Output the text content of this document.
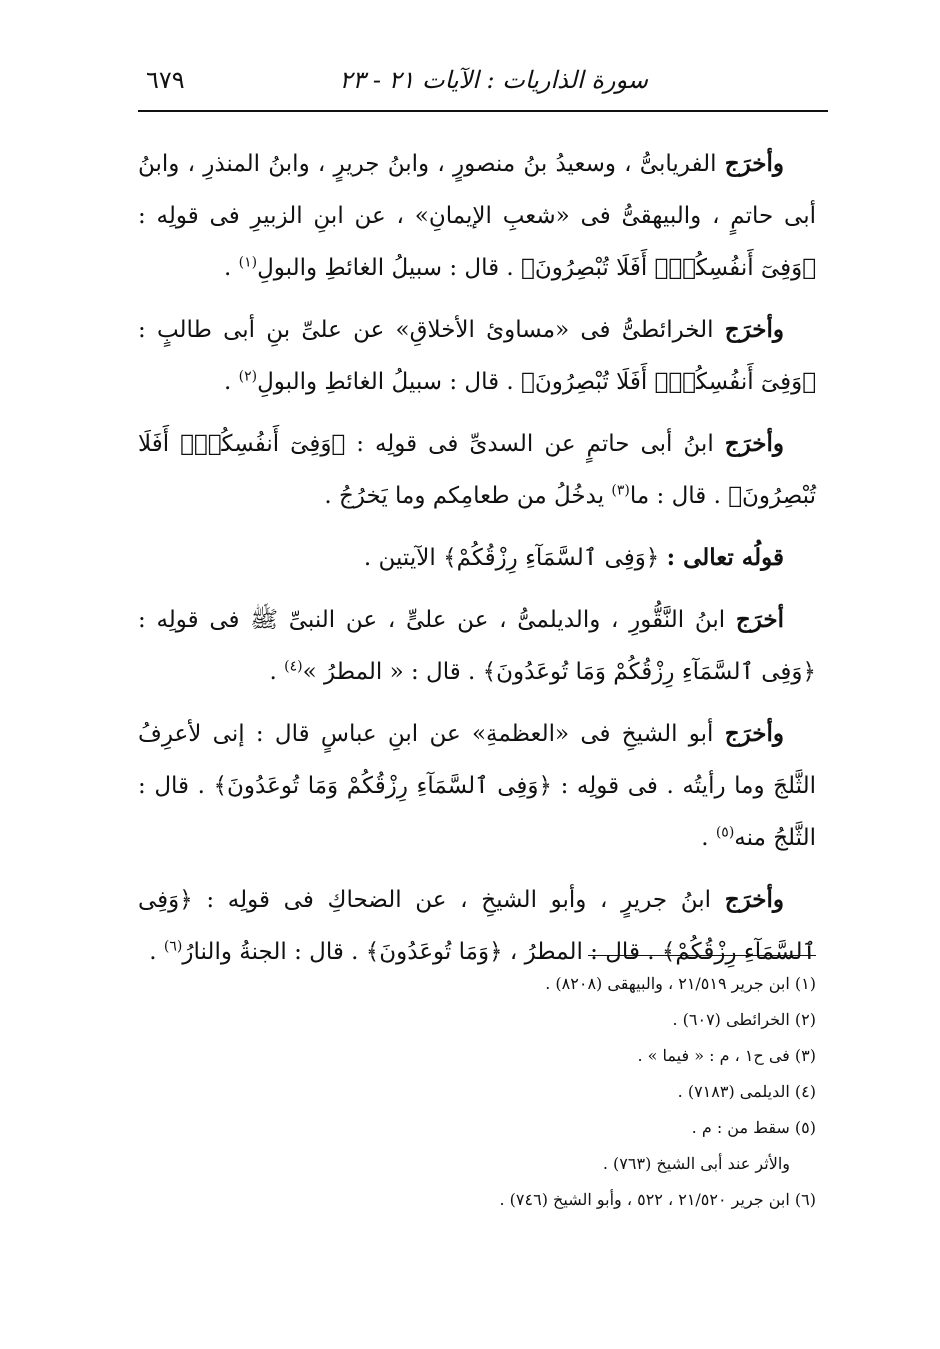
سورة الذاريات : الآيات ٢١ - ٢٣
٦٧٩

وأخرَج الفريابىُّ ، وسعيدُ بنُ منصورٍ ، وابنُ جريرٍ ، وابنُ المنذرِ ، وابنُ أبى حاتمٍ ، والبيهقىُّ فى «شعبِ الإيمانِ» ، عن ابنِ الزبيرِ فى قولِه : ﴿وَفِىٓ أَنفُسِكُمْۚ أَفَلَا تُبْصِرُونَ﴾ . قال : سبيلُ الغائطِ والبولِ$^{(١)}$ .

وأخرَج الخرائطىُّ فى «مساوئ الأخلاقِ» عن علىِّ بنِ أبى طالبٍ : ﴿وَفِىٓ أَنفُسِكُمْۚ أَفَلَا تُبْصِرُونَ﴾ . قال : سبيلُ الغائطِ والبولِ$^{(٢)}$ .

وأخرَج ابنُ أبى حاتمٍ عن السدىِّ فى قولِه : ﴿وَفِىٓ أَنفُسِكُمْۚ أَفَلَا تُبْصِرُونَ﴾ . قال : ما$^{(٣)}$ يدخُلُ من طعامِكم وما يَخرُجُ .

قولُه تعالى : ﴿وَفِى ٱلسَّمَآءِ رِزْقُكُمْ﴾ الآيتين .

أخرَج ابنُ النَّقُّورِ ، والديلمىُّ ، عن علىٍّ ، عن النبىِّ ﷺ فى قولِه : ﴿وَفِى ٱلسَّمَآءِ رِزْقُكُمْ وَمَا تُوعَدُونَ﴾ . قال : « المطرُ »$^{(٤)}$ .

وأخرَج أبو الشيخِ فى «العظمةِ» عن ابنِ عباسٍ قال : إنى لأعرِفُ الثَّلجَ وما رأيتُه . فى قولِه : ﴿وَفِى ٱلسَّمَآءِ رِزْقُكُمْ وَمَا تُوعَدُونَ﴾ . قال : الثَّلجُ منه$^{(٥)}$ .

وأخرَج ابنُ جريرٍ ، وأبو الشيخِ ، عن الضحاكِ فى قولِه : ﴿وَفِى ٱلسَّمَآءِ رِزْقُكُمْ﴾ . قال : المطرُ ، ﴿وَمَا تُوعَدُونَ﴾ . قال : الجنةُ والنارُ$^{(٦)}$ .

(١) ابن جرير ٢١/٥١٩ ، والبيهقى (٨٢٠٨) .

(٢) الخرائطى (٦٠٧) .

(٣) فى ح١ ، م : « فيما » .

(٤) الديلمى (٧١٨٣) .

(٥) سقط من : م .

والأثر عند أبى الشيخ (٧٦٣) .

(٦) ابن جرير ٢١/٥٢٠ ، ٥٢٢ ، وأبو الشيخ (٧٤٦) .
